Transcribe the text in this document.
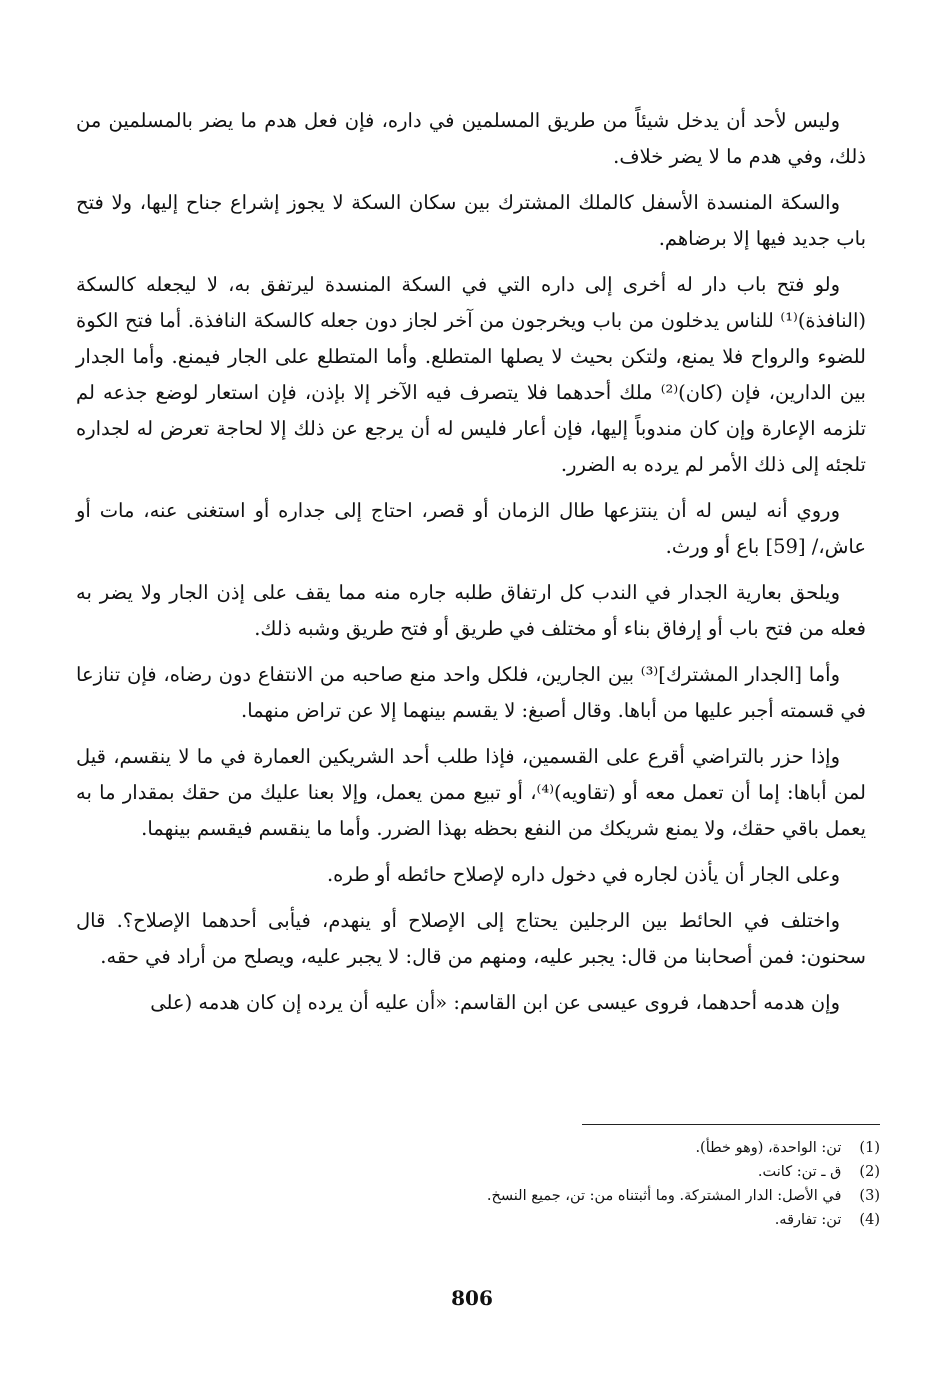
وليس لأحد أن يدخل شيئاً من طريق المسلمين في داره، فإن فعل هدم ما يضر بالمسلمين من ذلك، وفي هدم ما لا يضر خلاف.

والسكة المنسدة الأسفل كالملك المشترك بين سكان السكة لا يجوز إشراع جناح إليها، ولا فتح باب جديد فيها إلا برضاهم.

ولو فتح باب دار له أخرى إلى داره التي في السكة المنسدة ليرتفق به، لا ليجعله كالسكة (النافذة)⁽¹⁾ للناس يدخلون من باب ويخرجون من آخر لجاز دون جعله كالسكة النافذة. أما فتح الكوة للضوء والرواح فلا يمنع، ولتكن بحيث لا يصلها المتطلع. وأما المتطلع على الجار فيمنع. وأما الجدار بين الدارين، فإن (كان)⁽²⁾ ملك أحدهما فلا يتصرف فيه الآخر إلا بإذن، فإن استعار لوضع جذعه لم تلزمه الإعارة وإن كان مندوباً إليها، فإن أعار فليس له أن يرجع عن ذلك إلا لحاجة تعرض له لجداره تلجئه إلى ذلك الأمر لم يرده به الضرر.

وروي أنه ليس له أن ينتزعها طال الزمان أو قصر، احتاج إلى جداره أو استغنى عنه، مات أو عاش،/ [59] باع أو ورث.

ويلحق بعارية الجدار في الندب كل ارتفاق طلبه جاره منه مما يقف على إذن الجار ولا يضر به فعله من فتح باب أو إرفاق بناء أو مختلف في طريق أو فتح طريق وشبه ذلك.

وأما [الجدار المشترك]⁽³⁾ بين الجارين، فلكل واحد منع صاحبه من الانتفاع دون رضاه، فإن تنازعا في قسمته أجبر عليها من أباها. وقال أصبغ: لا يقسم بينهما إلا عن تراض منهما.

وإذا حزر بالتراضي أقرع على القسمين، فإذا طلب أحد الشريكين العمارة في ما لا ينقسم، قيل لمن أباها: إما أن تعمل معه أو (تقاويه)⁽⁴⁾، أو تبيع ممن يعمل، وإلا بعنا عليك من حقك بمقدار ما به يعمل باقي حقك، ولا يمنع شريكك من النفع بحظه بهذا الضرر. وأما ما ينقسم فيقسم بينهما.

وعلى الجار أن يأذن لجاره في دخول داره لإصلاح حائطه أو طره.

واختلف في الحائط بين الرجلين يحتاج إلى الإصلاح أو ينهدم، فيأبى أحدهما الإصلاح؟. قال سحنون: فمن أصحابنا من قال: يجبر عليه، ومنهم من قال: لا يجبر عليه، ويصلح من أراد في حقه.

وإن هدمه أحدهما، فروى عيسى عن ابن القاسم: «أن عليه أن يرده إن كان هدمه (على

(1) تن: الواحدة، (وهو خطأ).
(2) ق ـ تن: كانت.
(3) في الأصل: الدار المشتركة. وما أثبتناه من: تن، جميع النسخ.
(4) تن: تفارقه.
806
